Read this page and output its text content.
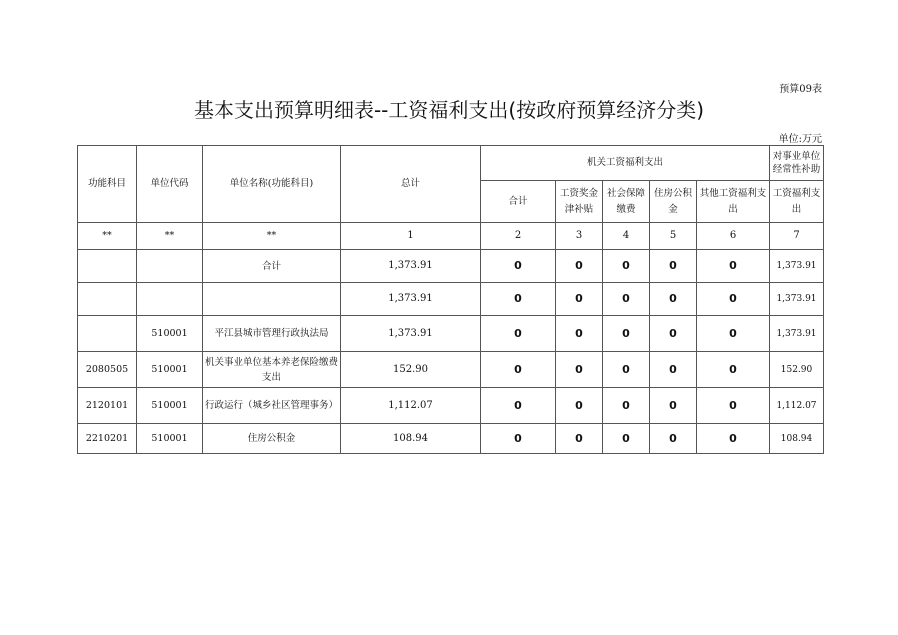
预算09表
基本支出预算明细表--工资福利支出(按政府预算经济分类)
单位:万元
功能科目	单位代码	单位名称(功能科目)	总计	机关工资福利支出					对事业单位经常性补助
				合计	工资奖金津补贴	社会保障缴费	住房公积金	其他工资福利支出	工资福利支出
**	**	**	1	2	3	4	5	6	7
		合计	1,373.91	0	0	0	0	0	1,373.91
			1,373.91	0	0	0	0	0	1,373.91
	510001	平江县城市管理行政执法局	1,373.91	0	0	0	0	0	1,373.91
2080505	510001	机关事业单位基本养老保险缴费支出	152.90	0	0	0	0	0	152.90
2120101	510001	行政运行（城乡社区管理事务）	1,112.07	0	0	0	0	0	1,112.07
2210201	510001	住房公积金	108.94	0	0	0	0	0	108.94
